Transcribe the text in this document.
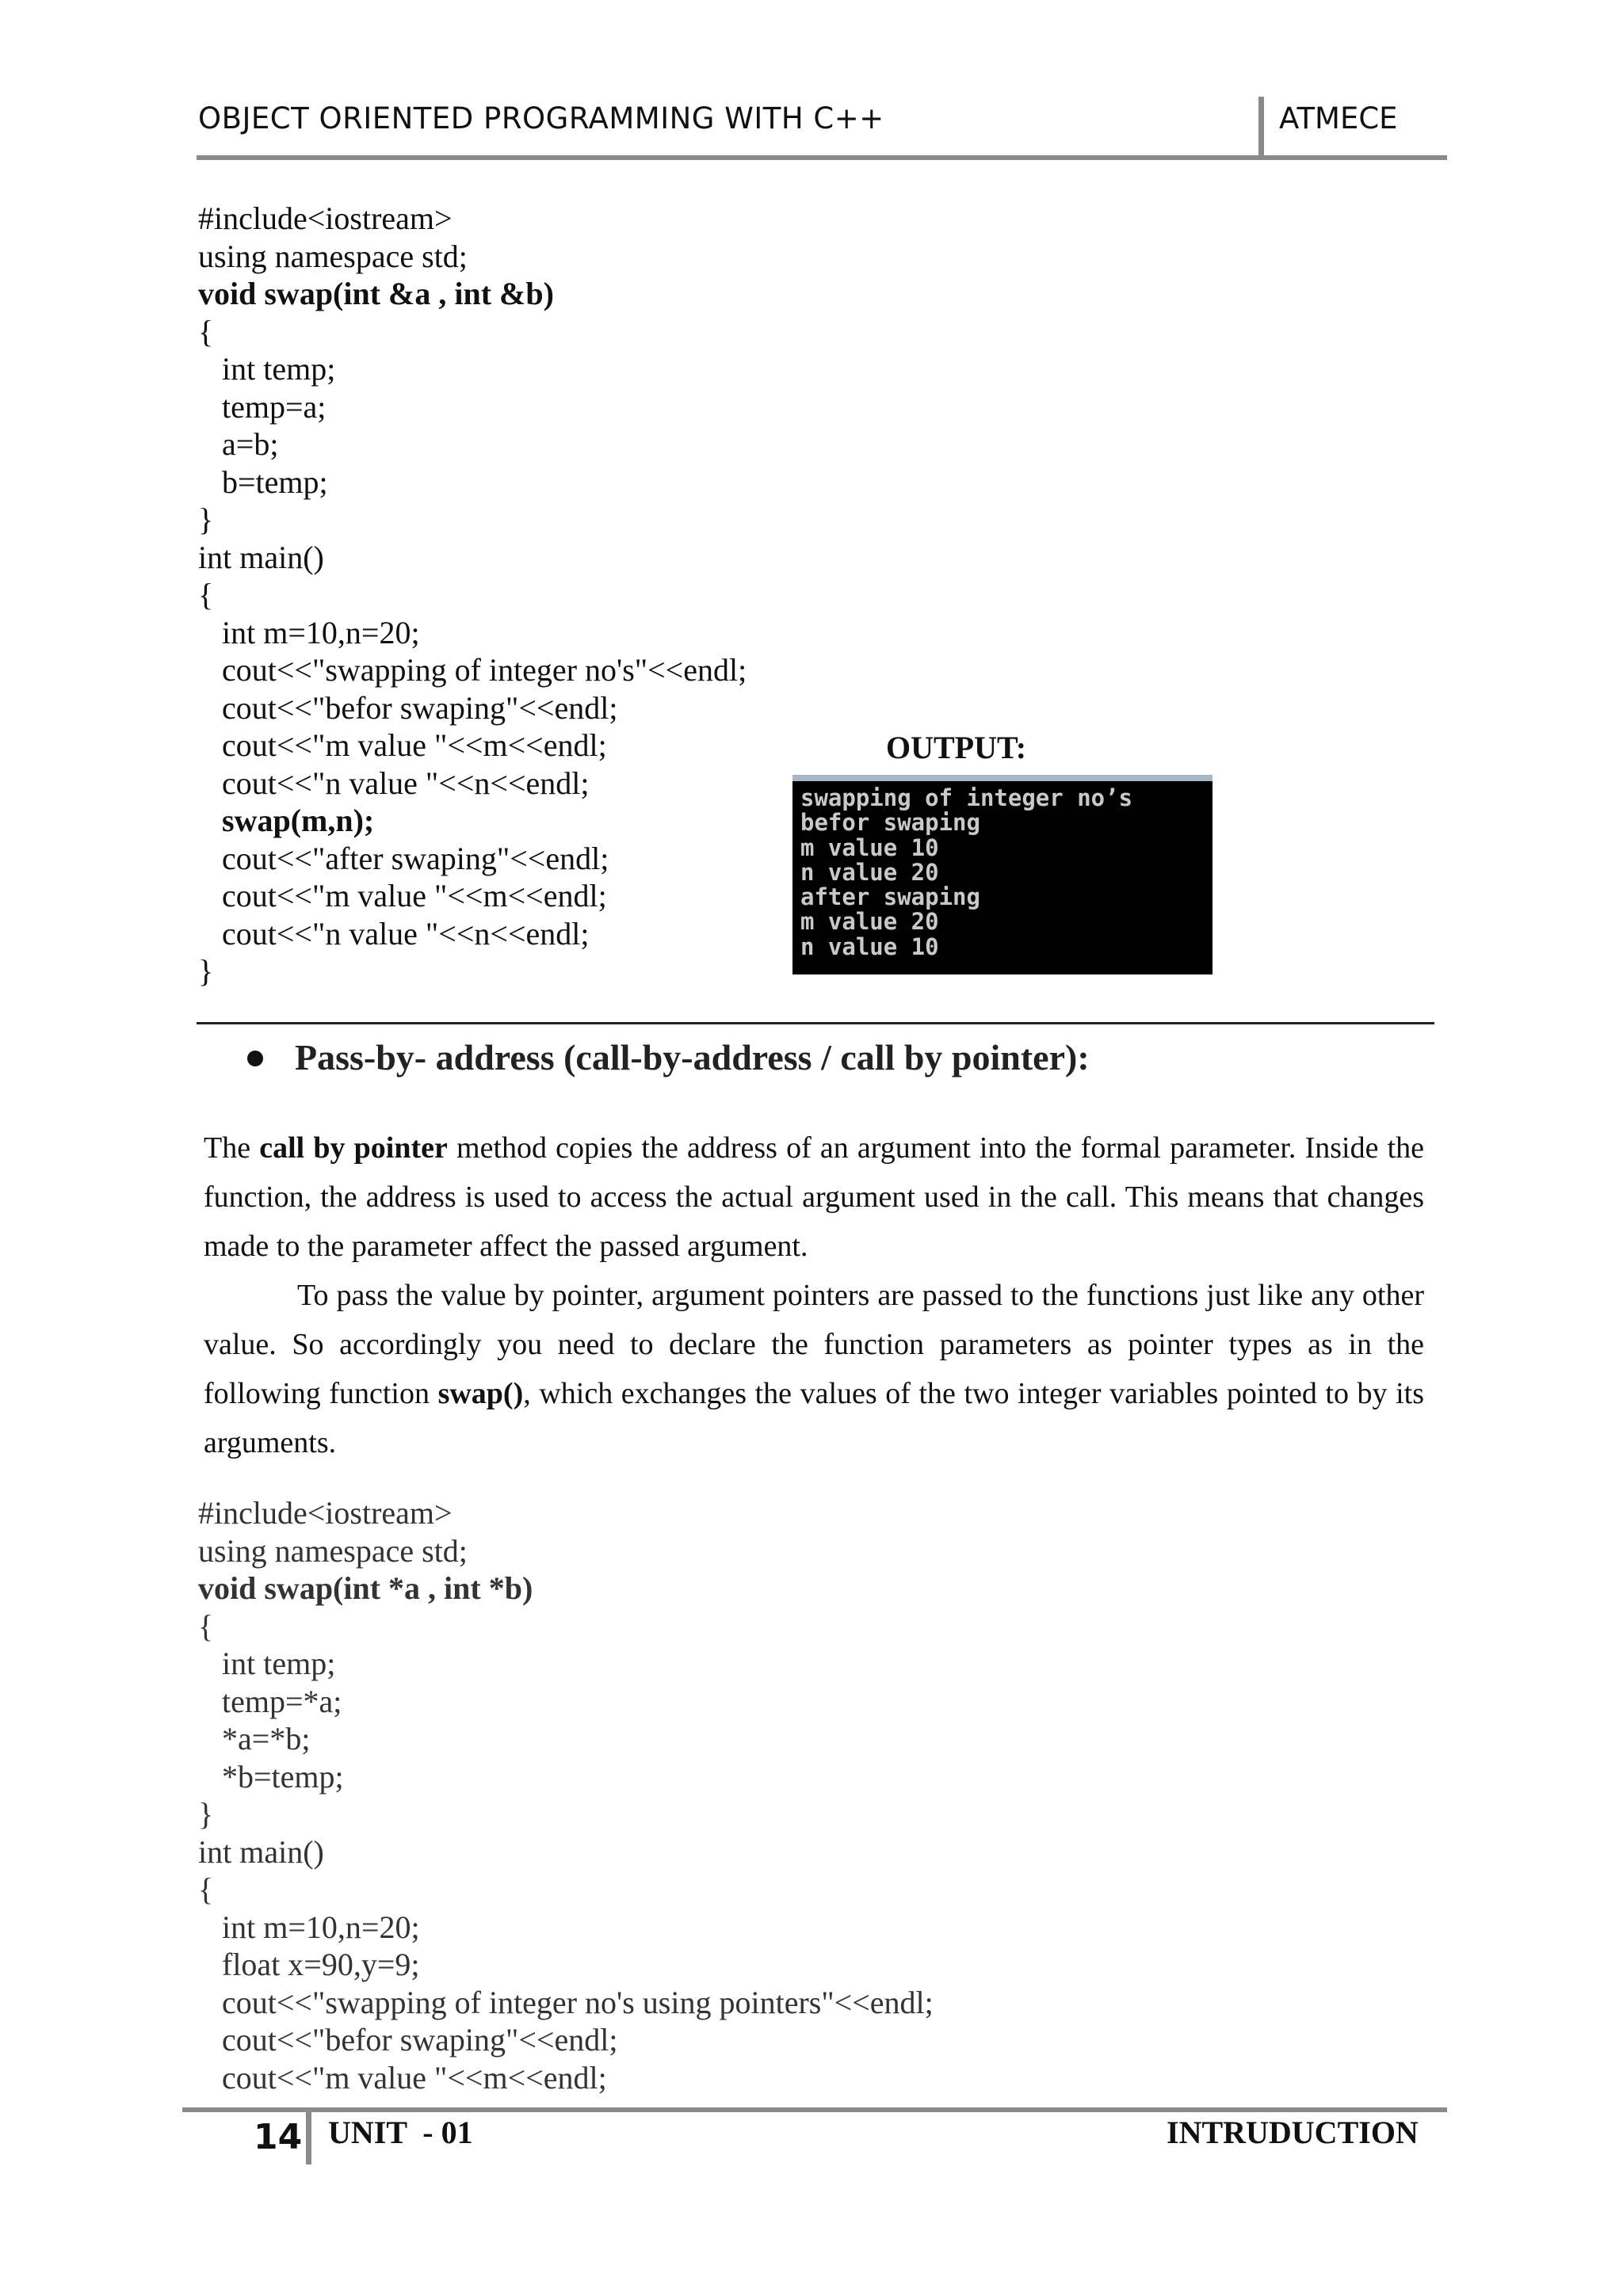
OBJECT ORIENTED PROGRAMMING WITH C++	ATMECE
#include<iostream>
using namespace std;
void swap(int &a , int &b)
{
int temp;
temp=a;
a=b;
b=temp;
}
int main()
{
int m=10,n=20;
cout<<"swapping of integer no's"<<endl;
cout<<"befor swaping"<<endl;
cout<<"m value "<<m<<endl;
cout<<"n value "<<n<<endl;
swap(m,n);
cout<<"after swaping"<<endl;
cout<<"m value "<<m<<endl;
cout<<"n value "<<n<<endl;
}
OUTPUT:
swapping of integer no’s
befor swaping
m value 10
n value 20
after swaping
m value 20
n value 10
Pass-by- address (call-by-address / call by pointer):

The call by pointer method copies the address of an argument into the formal parameter. Inside the function, the address is used to access the actual argument used in the call. This means that changes made to the parameter affect the passed argument.

To pass the value by pointer, argument pointers are passed to the functions just like any other value. So accordingly you need to declare the function parameters as pointer types as in the following function swap(), which exchanges the values of the two integer variables pointed to by its arguments.

#include<iostream>
using namespace std;
void swap(int *a , int *b)
{
int temp;
temp=*a;
*a=*b;
*b=temp;
}
int main()
{
int m=10,n=20;
float x=90,y=9;
cout<<"swapping of integer no's using pointers"<<endl;
cout<<"befor swaping"<<endl;
cout<<"m value "<<m<<endl;
14 UNIT  - 01	INTRUDUCTION
